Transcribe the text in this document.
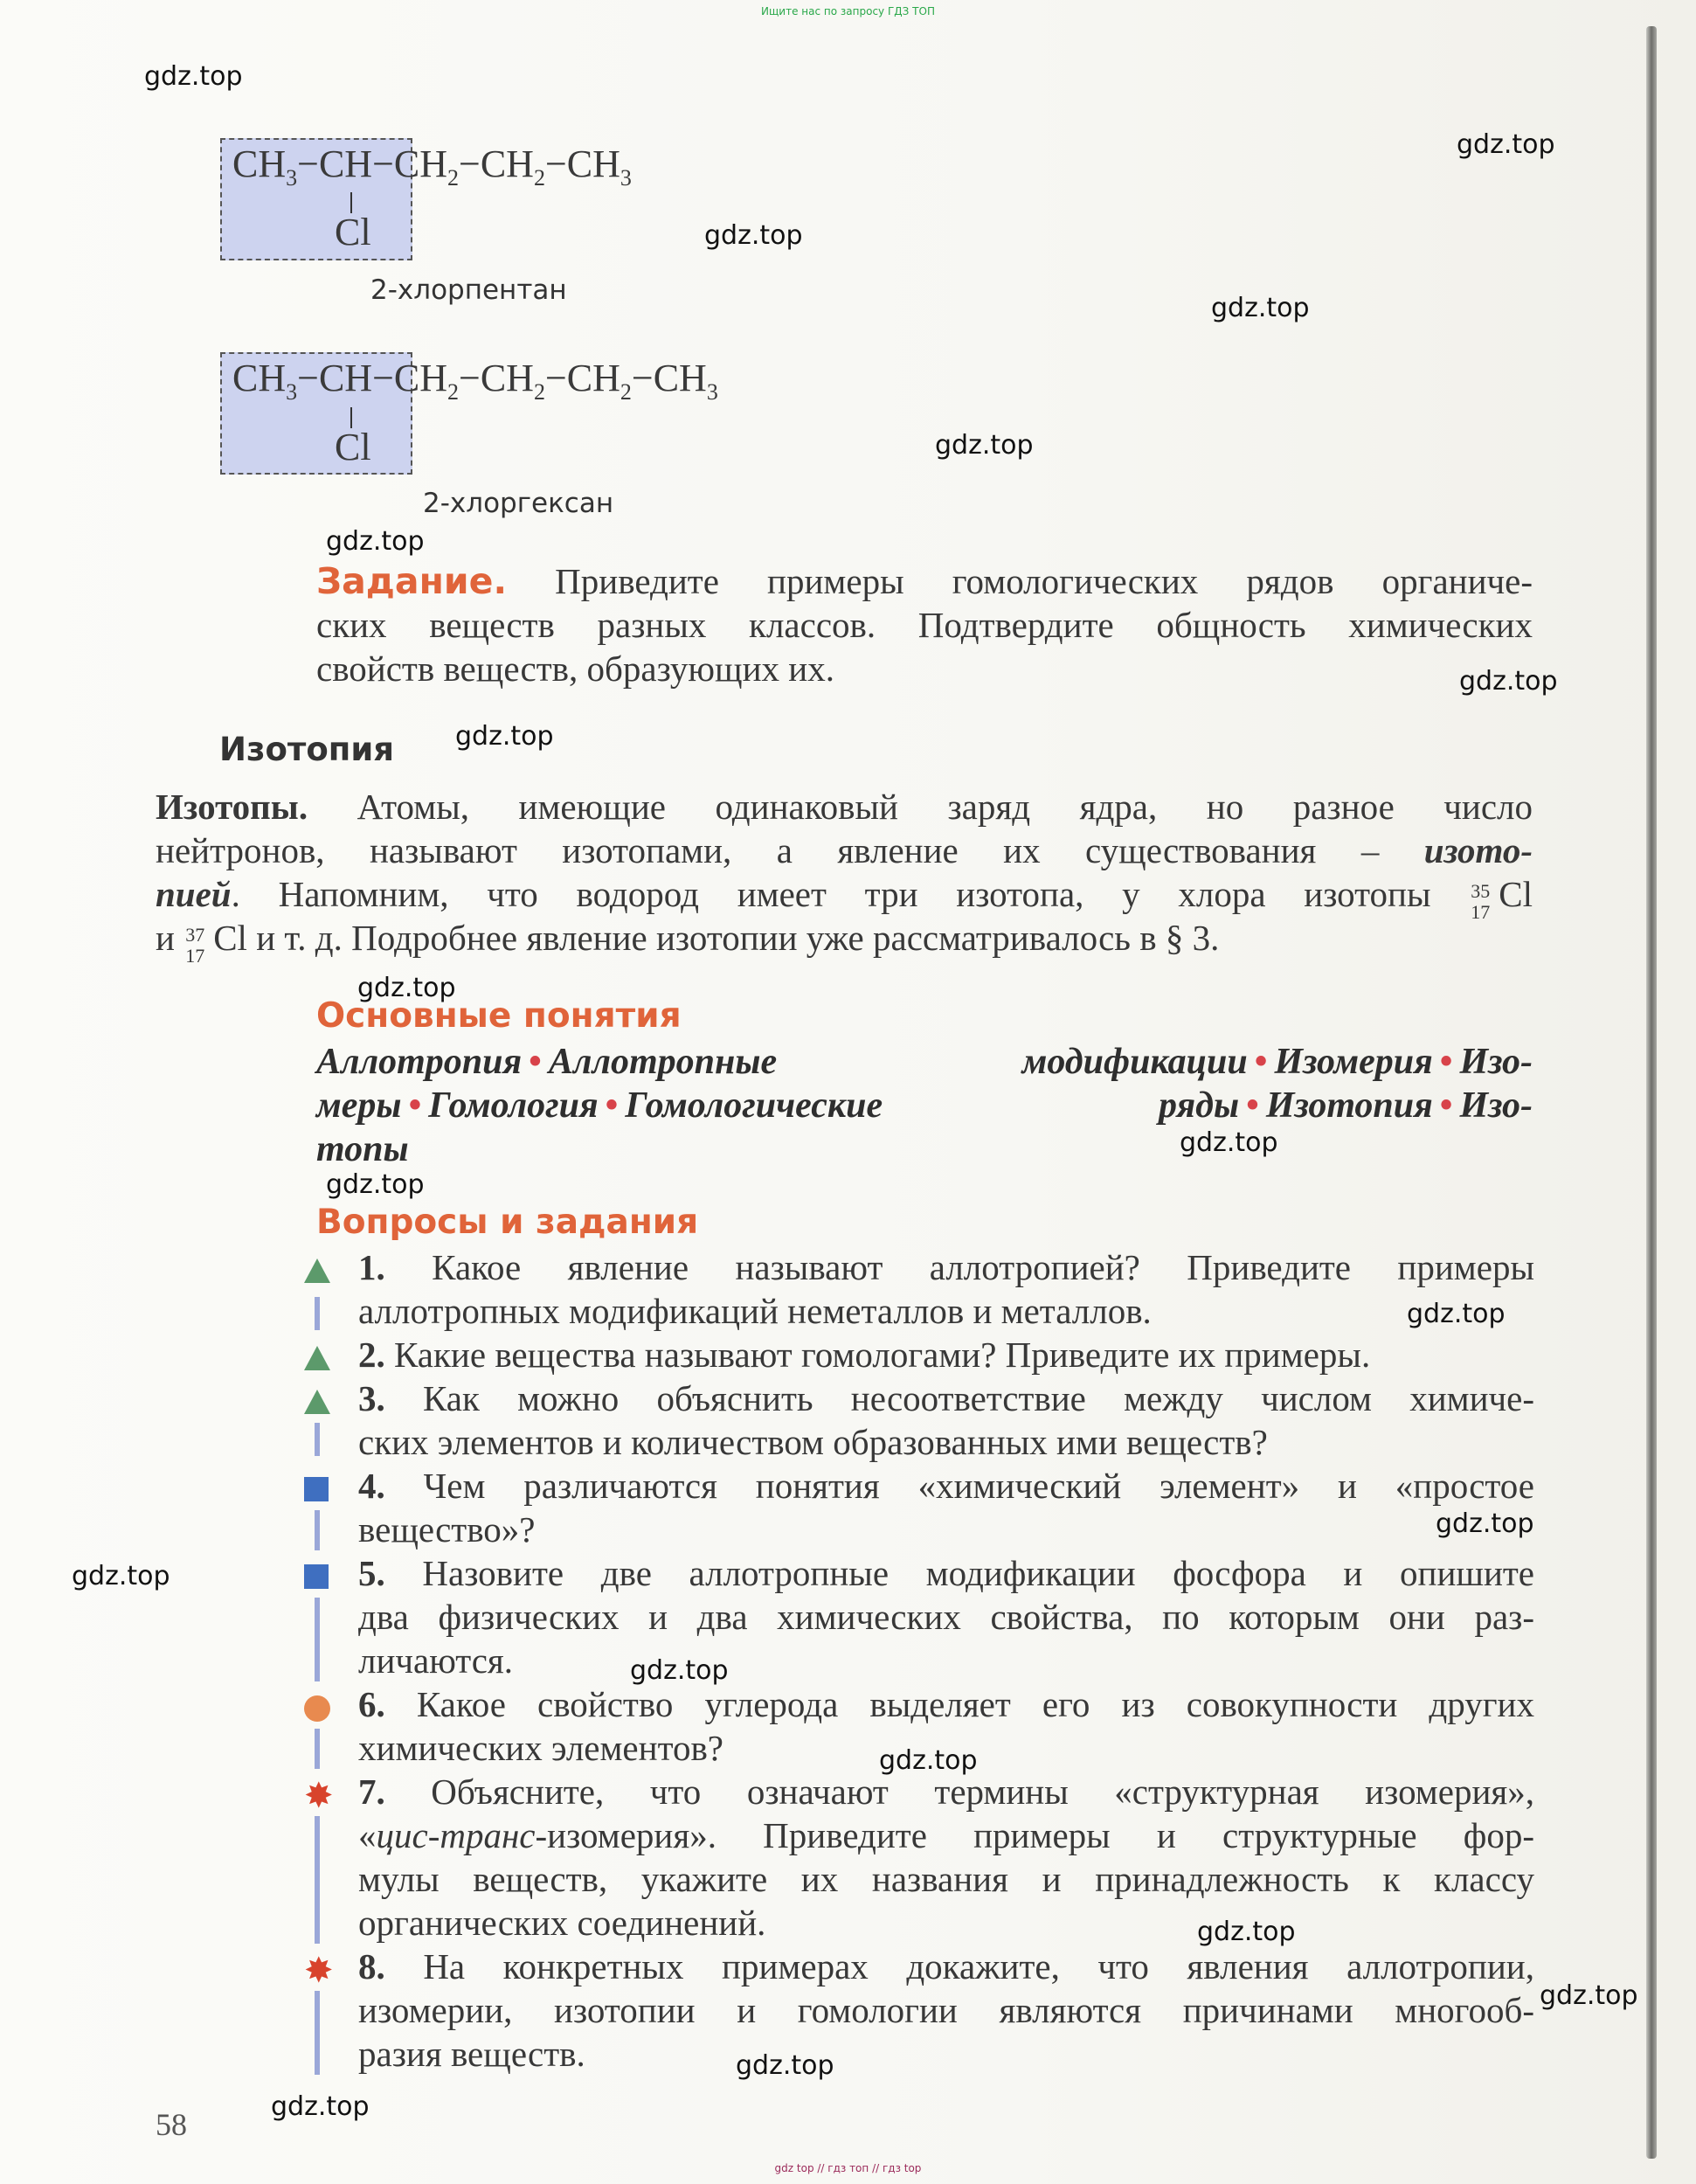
Ищите нас по запросу ГДЗ ТОП
$CH_3-CH-CH_2-CH_2-CH_3$
Cl
2-хлорпентан
$CH_3-CH-CH_2-CH_2-CH_2-CH_3$
Cl
2-хлоргексан
Задание. Приведите примеры гомологических рядов органиче-
ских веществ разных классов. Подтвердите общность химических
свойств веществ, образующих их.
Изотопия
Изотопы. Атомы, имеющие одинаковый заряд ядра, но разное число
нейтронов, называют изотопами, а явление их существования – изото-
пией. Напомним, что водород имеет три изотопа, у хлора изотопы 35
17 Cl
и 37
17 Cl и т. д. Подробнее явление изотопии уже рассматривалось в § 3.
Основные понятия
Аллотропия • Аллотропные модификации • Изомерия • Изо-
меры • Гомология • Гомологические ряды • Изотопия • Изо-
топы
Вопросы и задания
✸
✸
1. Какое явление называют аллотропией? Приведите примеры
аллотропных модификаций неметаллов и металлов.
2. Какие вещества называют гомологами? Приведите их примеры.
3. Как можно объяснить несоответствие между числом химиче-
ских элементов и количеством образованных ими веществ?
4. Чем различаются понятия «химический элемент» и «простое
вещество»?
5. Назовите две аллотропные модификации фосфора и опишите
два физических и два химических свойства, по которым они раз-
личаются.
6. Какое свойство углерода выделяет его из совокупности других
химических элементов?
7. Объясните, что означают термины «структурная изомерия»,
«цис-транс-изомерия». Приведите примеры и структурные фор-
мулы веществ, укажите их названия и принадлежность к классу
органических соединений.
8. На конкретных примерах докажите, что явления аллотропии,
изомерии, изотопии и гомологии являются причинами многооб-
разия веществ.
58
gdz.top
gdz.top
gdz.top
gdz.top
gdz.top
gdz.top
gdz.top
gdz.top
gdz.top
gdz.top
gdz.top
gdz.top
gdz.top
gdz.top
gdz.top
gdz.top
gdz.top
gdz.top
gdz.top
gdz.top
gdz top // гдз топ // гдз top
